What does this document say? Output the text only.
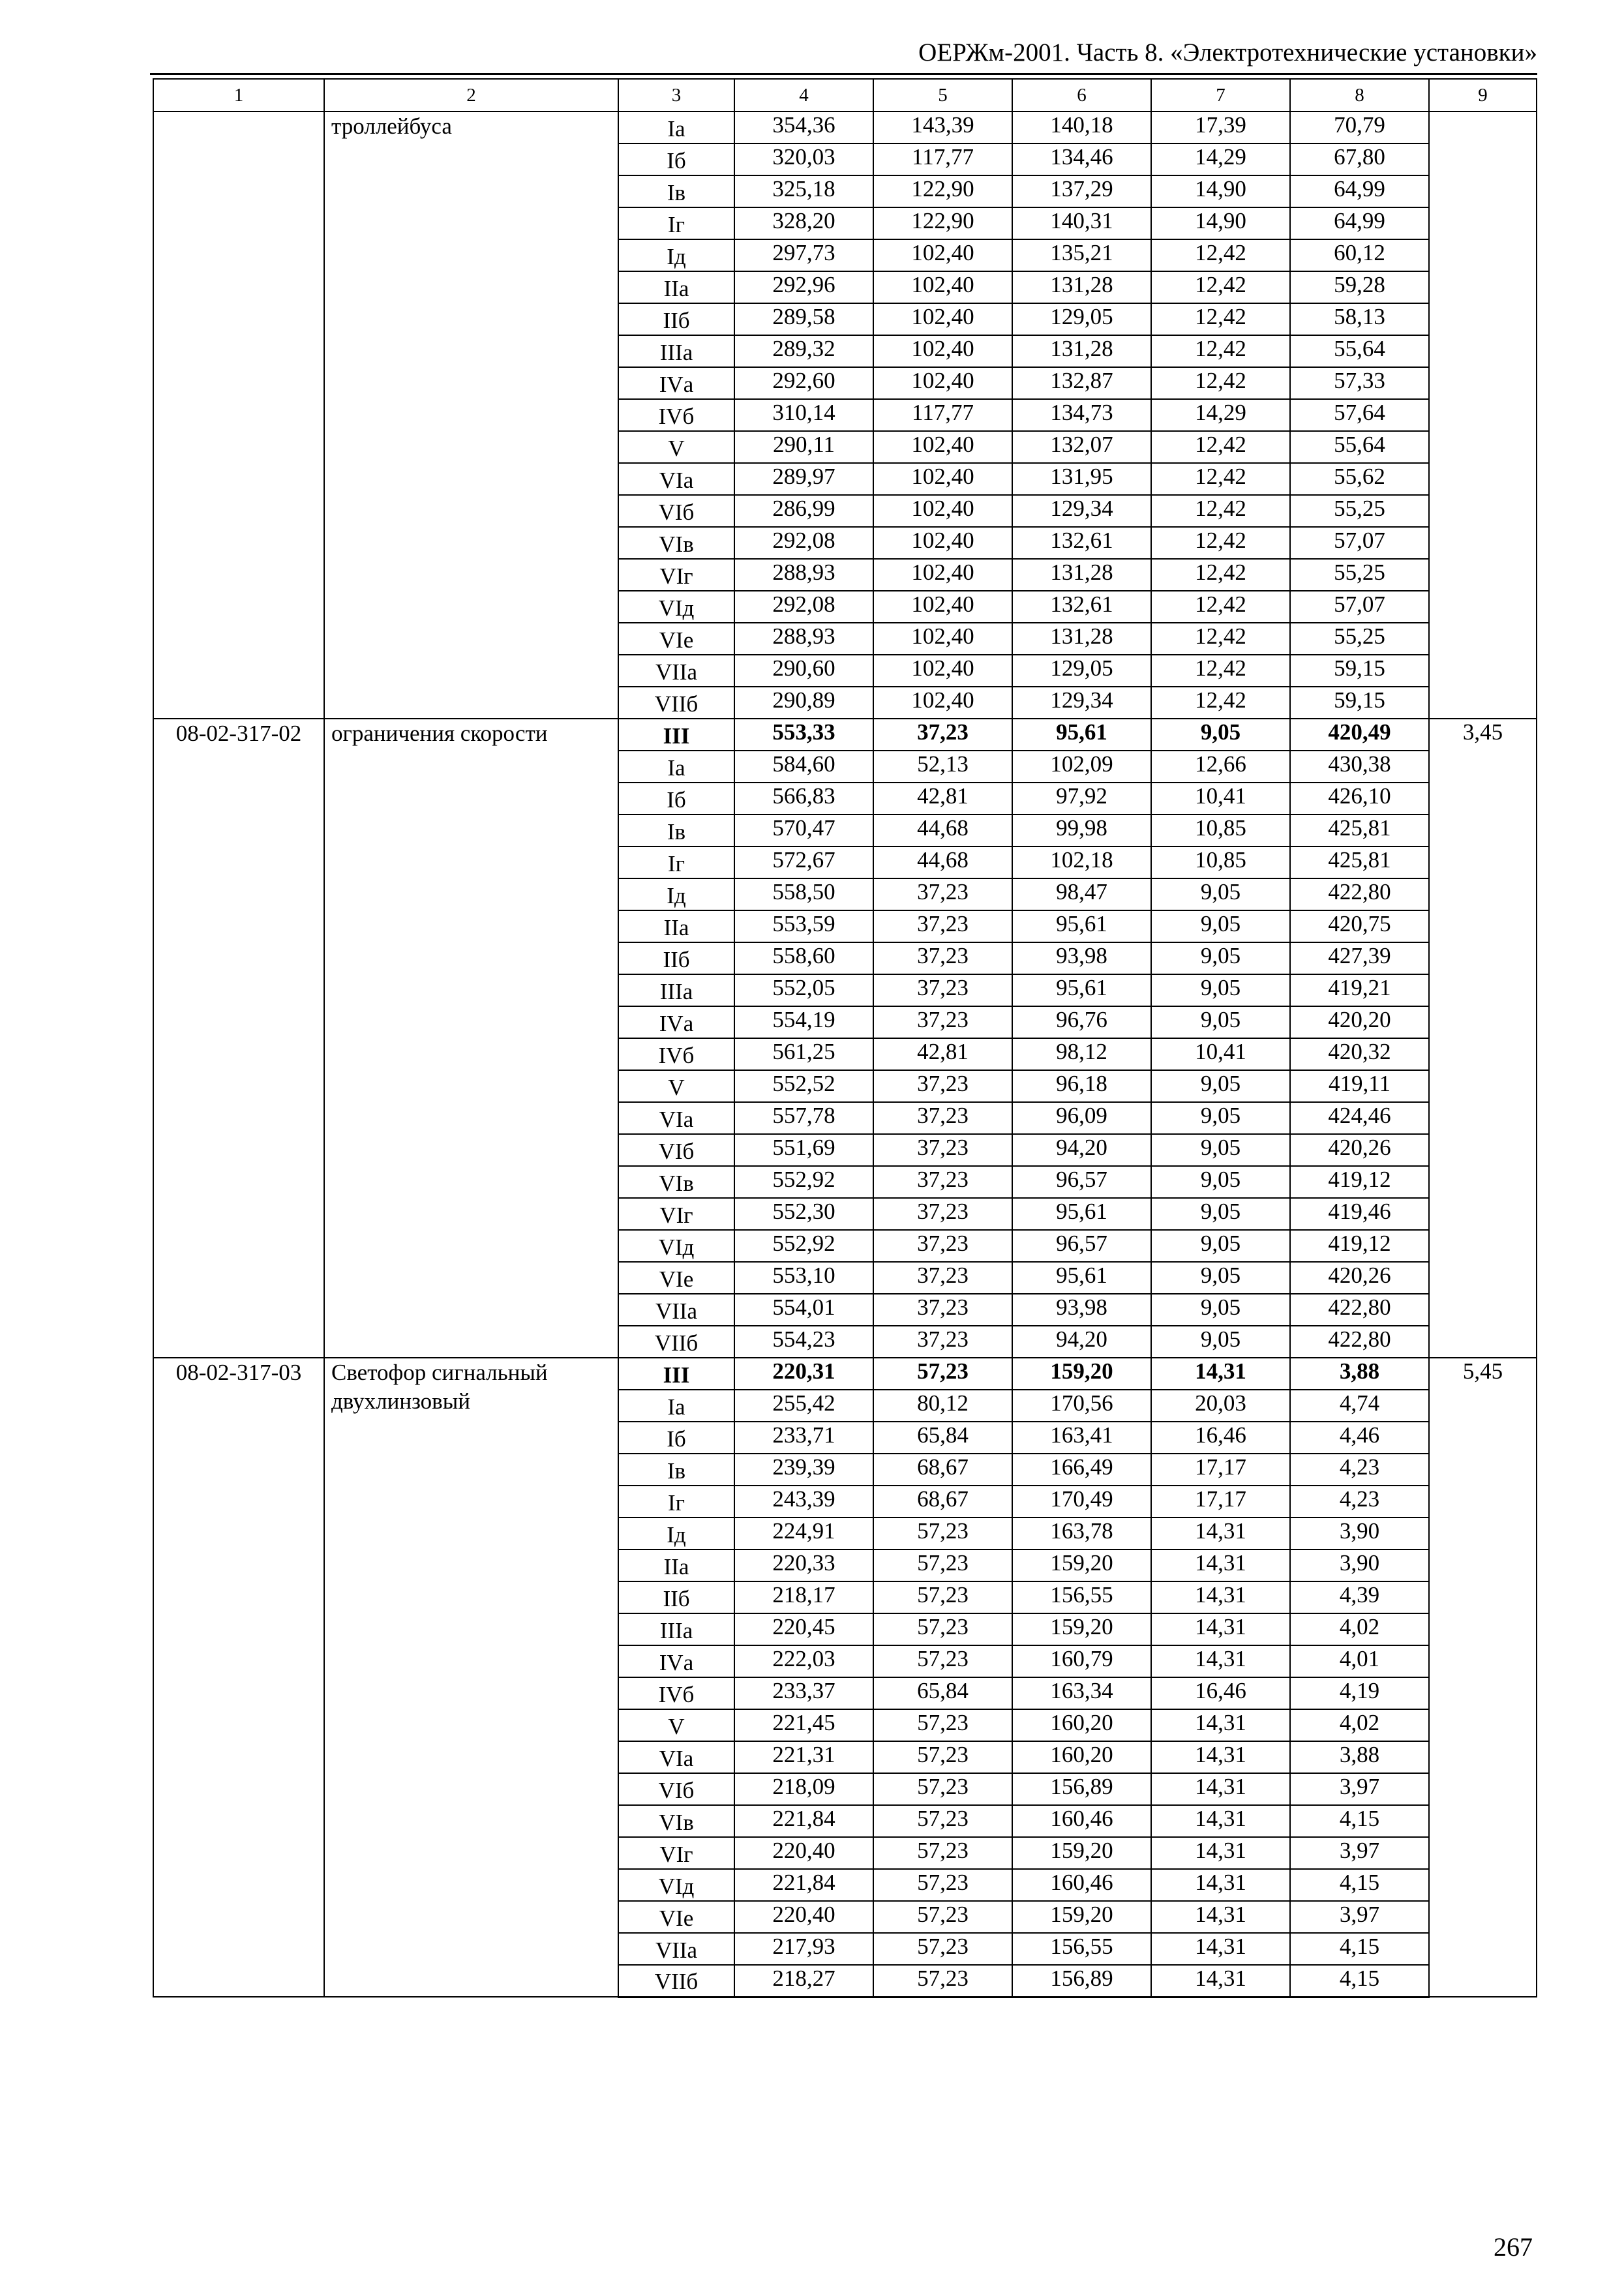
ОЕРЖм-2001. Часть 8. «Электротехнические установки»
1	2	3	4	5	6	7	8	9
	троллейбуса	Iа	354,36	143,39	140,18	17,39	70,79	
		Iб	320,03	117,77	134,46	14,29	67,80	
		Iв	325,18	122,90	137,29	14,90	64,99	
		Iг	328,20	122,90	140,31	14,90	64,99	
		Iд	297,73	102,40	135,21	12,42	60,12	
		IIа	292,96	102,40	131,28	12,42	59,28	
		IIб	289,58	102,40	129,05	12,42	58,13	
		IIIа	289,32	102,40	131,28	12,42	55,64	
		IVа	292,60	102,40	132,87	12,42	57,33	
		IVб	310,14	117,77	134,73	14,29	57,64	
		V	290,11	102,40	132,07	12,42	55,64	
		VIа	289,97	102,40	131,95	12,42	55,62	
		VIб	286,99	102,40	129,34	12,42	55,25	
		VIв	292,08	102,40	132,61	12,42	57,07	
		VIг	288,93	102,40	131,28	12,42	55,25	
		VIд	292,08	102,40	132,61	12,42	57,07	
		VIе	288,93	102,40	131,28	12,42	55,25	
		VIIа	290,60	102,40	129,05	12,42	59,15	
		VIIб	290,89	102,40	129,34	12,42	59,15	
08-02-317-02	ограничения скорости	III	553,33	37,23	95,61	9,05	420,49	3,45
		Iа	584,60	52,13	102,09	12,66	430,38	
		Iб	566,83	42,81	97,92	10,41	426,10	
		Iв	570,47	44,68	99,98	10,85	425,81	
		Iг	572,67	44,68	102,18	10,85	425,81	
		Iд	558,50	37,23	98,47	9,05	422,80	
		IIа	553,59	37,23	95,61	9,05	420,75	
		IIб	558,60	37,23	93,98	9,05	427,39	
		IIIа	552,05	37,23	95,61	9,05	419,21	
		IVа	554,19	37,23	96,76	9,05	420,20	
		IVб	561,25	42,81	98,12	10,41	420,32	
		V	552,52	37,23	96,18	9,05	419,11	
		VIа	557,78	37,23	96,09	9,05	424,46	
		VIб	551,69	37,23	94,20	9,05	420,26	
		VIв	552,92	37,23	96,57	9,05	419,12	
		VIг	552,30	37,23	95,61	9,05	419,46	
		VIд	552,92	37,23	96,57	9,05	419,12	
		VIе	553,10	37,23	95,61	9,05	420,26	
		VIIа	554,01	37,23	93,98	9,05	422,80	
		VIIб	554,23	37,23	94,20	9,05	422,80	
08-02-317-03	Светофор сигнальный двухлинзовый	III	220,31	57,23	159,20	14,31	3,88	5,45
		Iа	255,42	80,12	170,56	20,03	4,74	
		Iб	233,71	65,84	163,41	16,46	4,46	
		Iв	239,39	68,67	166,49	17,17	4,23	
		Iг	243,39	68,67	170,49	17,17	4,23	
		Iд	224,91	57,23	163,78	14,31	3,90	
		IIа	220,33	57,23	159,20	14,31	3,90	
		IIб	218,17	57,23	156,55	14,31	4,39	
		IIIа	220,45	57,23	159,20	14,31	4,02	
		IVа	222,03	57,23	160,79	14,31	4,01	
		IVб	233,37	65,84	163,34	16,46	4,19	
		V	221,45	57,23	160,20	14,31	4,02	
		VIа	221,31	57,23	160,20	14,31	3,88	
		VIб	218,09	57,23	156,89	14,31	3,97	
		VIв	221,84	57,23	160,46	14,31	4,15	
		VIг	220,40	57,23	159,20	14,31	3,97	
		VIд	221,84	57,23	160,46	14,31	4,15	
		VIе	220,40	57,23	159,20	14,31	3,97	
		VIIа	217,93	57,23	156,55	14,31	4,15	
		VIIб	218,27	57,23	156,89	14,31	4,15	
267
